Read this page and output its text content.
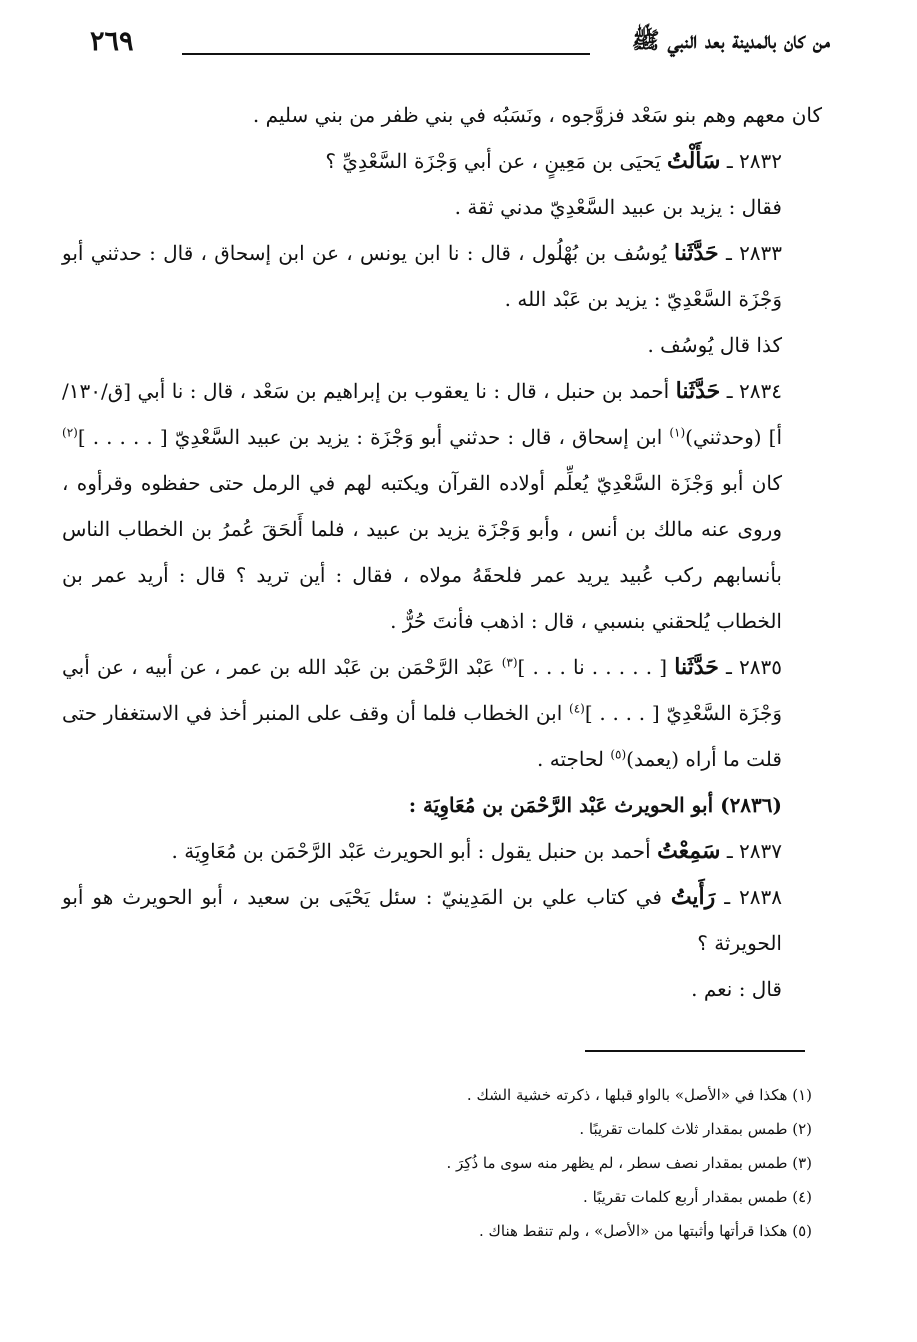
من كان بالمدينة بعد النبي ﷺ
٢٦٩

كان معهم وهم بنو سَعْد فزوَّجوه ، ونَسَبُه في بني ظفر من بني سليم .

٢٨٣٢ ـ سَأَلْتُ يَحيَى بن مَعِينٍ ، عن أبي وَجْزَة السَّعْدِيِّ ؟

فقال : يزيد بن عبيد السَّعْدِيّ مدني ثقة .

٢٨٣٣ ـ حَدَّثَنا يُوسُف بن بُهْلُول ، قال : نا ابن يونس ، عن ابن إسحاق ، قال : حدثني أبو وَجْزَة السَّعْدِيّ : يزيد بن عَبْد الله .

كذا قال يُوسُف .

٢٨٣٤ ـ حَدَّثَنا أحمد بن حنبل ، قال : نا يعقوب بن إبراهيم بن سَعْد ، قال : نا أبي [ق/١٣٠/أ] (وحدثني)$^{(١)}$ ابن إسحاق ، قال : حدثني أبو وَجْزَة : يزيد بن عبيد السَّعْدِيّ [ . . . . . ]$^{(٢)}$ كان أبو وَجْزَة السَّعْدِيّ يُعلِّم أولاده القرآن ويكتبه لهم في الرمل حتى حفظوه وقرأوه ، وروى عنه مالك بن أنس ، وأبو وَجْزَة يزيد بن عبيد ، فلما أَلحَقَ عُمرُ بن الخطاب الناس بأنسابهم ركب عُبيد يريد عمر فلحقَهُ مولاه ، فقال : أين تريد ؟ قال : أريد عمر بن الخطاب يُلحقني بنسبي ، قال : اذهب فأنتَ حُرٌّ .

٢٨٣٥ ـ حَدَّثَنا [ . . . . . نا . . . ]$^{(٣)}$ عَبْد الرَّحْمَن بن عَبْد الله بن عمر ، عن أبيه ، عن أبي وَجْزَة السَّعْدِيّ [ . . . . ]$^{(٤)}$ ابن الخطاب فلما أن وقف على المنبر أخذ في الاستغفار حتى قلت ما أراه (يعمد)$^{(٥)}$ لحاجته .

(٢٨٣٦) أبو الحويرث عَبْد الرَّحْمَن بن مُعَاوِيَة :

٢٨٣٧ ـ سَمِعْتُ أحمد بن حنبل يقول : أبو الحويرث عَبْد الرَّحْمَن بن مُعَاوِيَة .

٢٨٣٨ ـ رَأَيتُ في كتاب علي بن المَدِينيّ : سئل يَحْيَى بن سعيد ، أبو الحويرث هو أبو الحويرثة ؟

قال : نعم .

(١) هكذا في «الأصل» بالواو قبلها ، ذكرته خشية الشك .

(٢) طمس بمقدار ثلاث كلمات تقريبًا .

(٣) طمس بمقدار نصف سطر ، لم يظهر منه سوى ما ذُكِرَ .

(٤) طمس بمقدار أربع كلمات تقريبًا .

(٥) هكذا قرأتها وأثبتها من «الأصل» ، ولم تنقط هناك .
